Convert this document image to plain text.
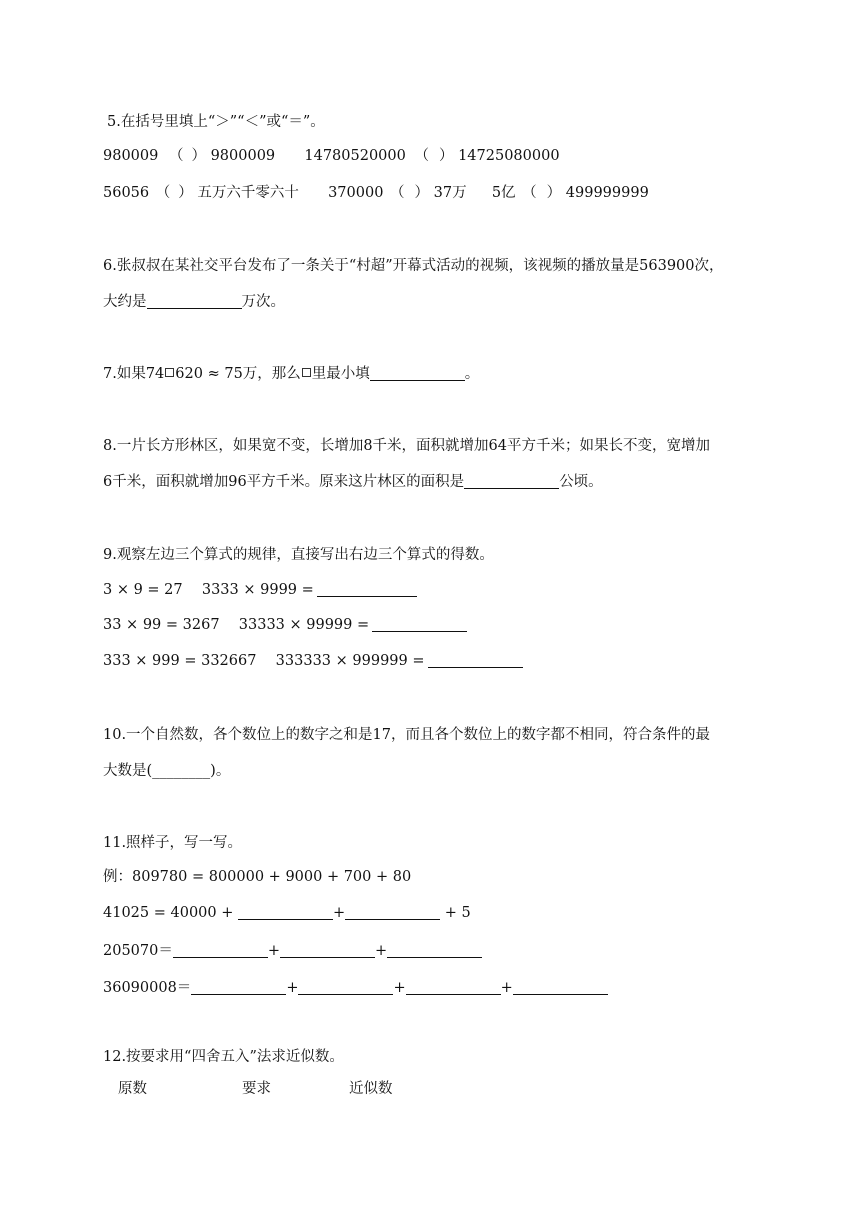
5.在括号里填上“＞”“＜”或“＝”。
980009 （ ） 9800009 14780520000 （ ） 14725080000
56056 （ ） 五万六千零六十 370000 （ ） 37万 5亿 （ ） 499999999
6.张叔叔在某社交平台发布了一条关于“村超”开幕式活动的视频，该视频的播放量是563900次，
大约是	万次。
7.如果74 620 ≈ 75万，那么 里最小填	。
8.一片长方形林区，如果宽不变，长增加8千米，面积就增加64平方千米；如果长不变，宽增加
6千米，面积就增加96平方千米。原来这片林区的面积是	公顷。
9.观察左边三个算式的规律，直接写出右边三个算式的得数。
3 × 9 = 27 3333 × 9999 =
33 × 99 = 3267 33333 × 99999 =
333 × 999 = 332667 333333 × 999999 =
10.一个自然数，各个数位上的数字之和是17，而且各个数位上的数字都不相同，符合条件的最
大数是(________)。
11.照样子，写一写。
例：809780 = 800000 + 9000 + 700 + 80
41025 = 40000 +	+	+ 5
205070＝	+	+
36090008＝	+	+	+
12.按要求用“四舍五入”法求近似数。
原数	要求	近似数
